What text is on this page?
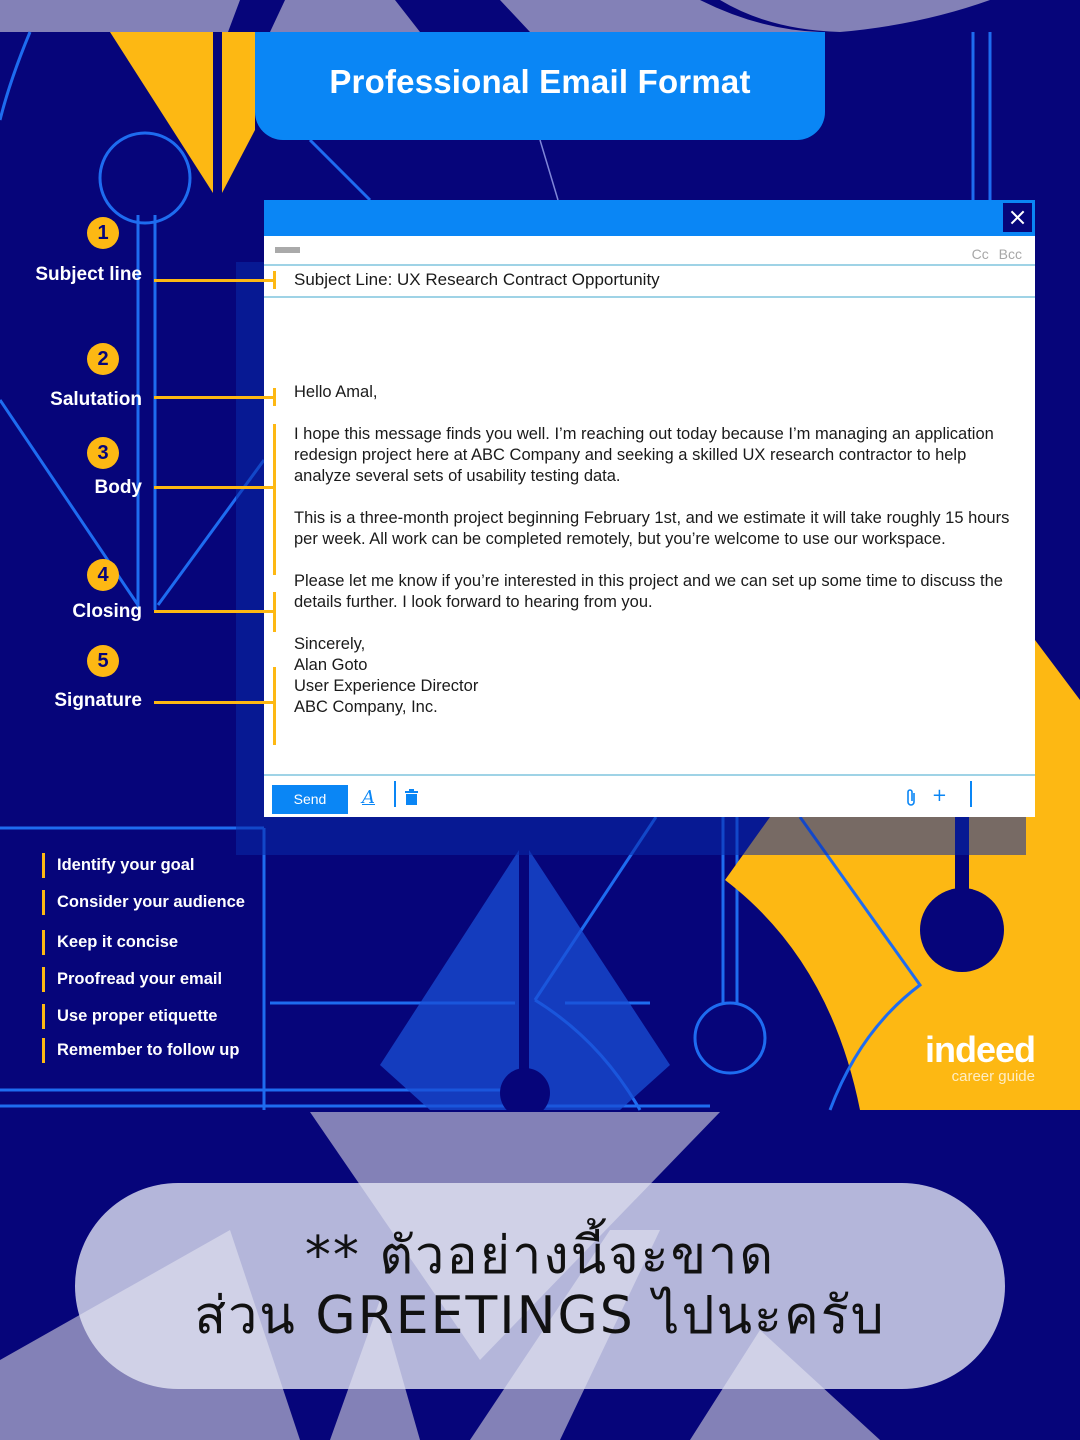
Professional Email Format
×
Cc Bcc
Subject Line: UX Research Contract Opportunity

Hello Amal,

I hope this message finds you well. I’m reaching out today because I’m managing an application redesign project here at ABC Company and seeking a skilled UX research contractor to help analyze several sets of usability testing data.

This is a three-month project beginning February 1st, and we estimate it will take roughly 15 hours per week. All work can be completed remotely, but you’re welcome to use our workspace.

Please let me know if you’re interested in this project and we can set up some time to discuss the details further. I look forward to hearing from you.

Sincerely,

Alan Goto

User Experience Director

ABC Company, Inc.

Send	A	+
1
Subject line
2
Salutation
3
Body
4
Closing
5
Signature
Identify your goal
Consider your audience
Keep it concise
Proofread your email
Use proper etiquette
Remember to follow up	indeed
career guide
** ตัวอย่างนี้จะขาด
ส่วน GREETINGS ไปนะครับ
